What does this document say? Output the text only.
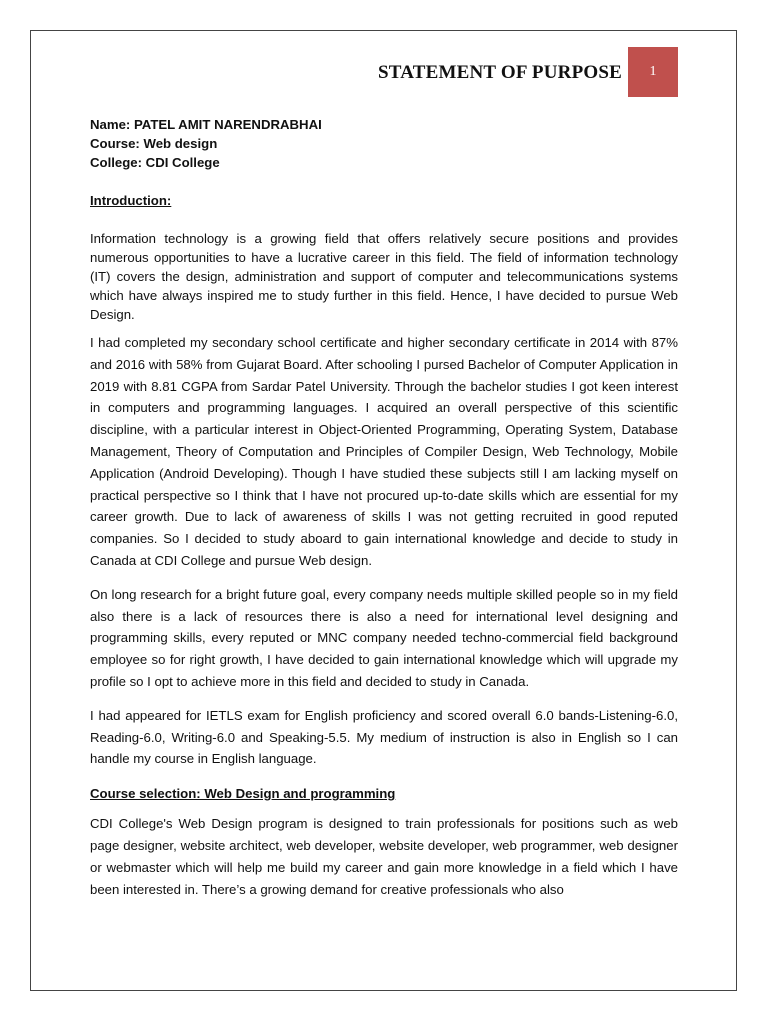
STATEMENT OF PURPOSE 1

Name: PATEL AMIT NARENDRABHAI

Course: Web design

College: CDI College

Introduction:

Information technology is a growing field that offers relatively secure positions and provides numerous opportunities to have a lucrative career in this field. The field of information technology (IT) covers the design, administration and support of computer and telecommunications systems which have always inspired me to study further in this field. Hence, I have decided to pursue Web Design.

I had completed my secondary school certificate and higher secondary certificate in 2014 with 87% and 2016 with 58% from Gujarat Board. After schooling I pursed Bachelor of Computer Application in 2019 with 8.81 CGPA from Sardar Patel University. Through the bachelor studies I got keen interest in computers and programming languages. I acquired an overall perspective of this scientific discipline, with a particular interest in Object-Oriented Programming, Operating System, Database Management, Theory of Computation and Principles of Compiler Design, Web Technology, Mobile Application (Android Developing). Though I have studied these subjects still I am lacking myself on practical perspective so I think that I have not procured up-to-date skills which are essential for my career growth. Due to lack of awareness of skills I was not getting recruited in good reputed companies. So I decided to study aboard to gain international knowledge and decide to study in Canada at CDI College and pursue Web design.

On long research for a bright future goal, every company needs multiple skilled people so in my field also there is a lack of resources there is also a need for international level designing and programming skills, every reputed or MNC company needed techno-commercial field background employee so for right growth, I have decided to gain international knowledge which will upgrade my profile so I opt to achieve more in this field and decided to study in Canada.

I had appeared for IETLS exam for English proficiency and scored overall 6.0 bands-Listening-6.0, Reading-6.0, Writing-6.0 and Speaking-5.5. My medium of instruction is also in English so I can handle my course in English language.

Course selection: Web Design and programming

CDI College's Web Design program is designed to train professionals for positions such as web page designer, website architect, web developer, website developer, web programmer, web designer or webmaster which will help me build my career and gain more knowledge in a field which I have been interested in. There’s a growing demand for creative professionals who also
